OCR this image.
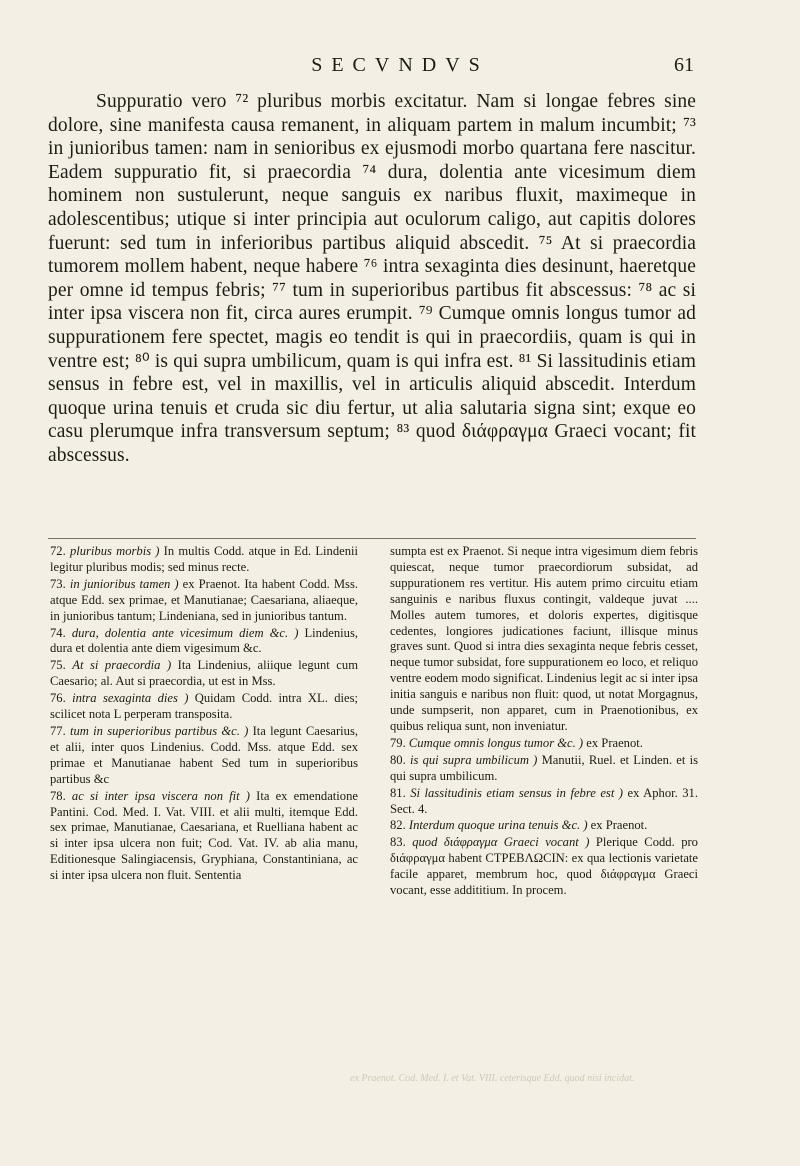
SECVNDVS	61

Suppuratio vero ⁷² pluribus morbis excitatur. Nam si longae febres sine dolore, sine manifesta causa remanent, in aliquam partem in malum incumbit; ⁷³ in junioribus tamen: nam in senioribus ex ejusmodi morbo quartana fere nascitur. Eadem suppuratio fit, si praecordia ⁷⁴ dura, dolentia ante vicesimum diem hominem non sustulerunt, neque sanguis ex naribus fluxit, maximeque in adolescentibus; utique si inter principia aut oculorum caligo, aut capitis dolores fuerunt: sed tum in inferioribus partibus aliquid abscedit. ⁷⁵ At si praecordia tumorem mollem habent, neque habere ⁷⁶ intra sexaginta dies desinunt, haeretque per omne id tempus febris; ⁷⁷ tum in superioribus partibus fit abscessus: ⁷⁸ ac si inter ipsa viscera non fit, circa aures erumpit. ⁷⁹ Cumque omnis longus tumor ad suppurationem fere spectet, magis eo tendit is qui in praecordiis, quam is qui in ventre est; ⁸⁰ is qui supra umbilicum, quam is qui infra est. ⁸¹ Si lassitudinis etiam sensus in febre est, vel in maxillis, vel in articulis aliquid abscedit. Interdum quoque urina tenuis et cruda sic diu fertur, ut alia salutaria signa sint; exque eo casu plerumque infra transversum septum; ⁸³ quod διάφραγμα Graeci vocant; fit abscessus.

72. pluribus morbis ) In multis Codd. atque in Ed. Lindenii legitur pluribus modis; sed minus recte.

73. in junioribus tamen ) ex Praenot. Ita habent Codd. Mss. atque Edd. sex primae, et Manutianae; Caesariana, aliaeque, in junioribus tantum; Lindeniana, sed in junioribus tantum.

74. dura, dolentia ante vicesimum diem &c. ) Lindenius, dura et dolentia ante diem vigesimum &c.

75. At si praecordia ) Ita Lindenius, aliique legunt cum Caesario; al. Aut si praecordia, ut est in Mss.

76. intra sexaginta dies ) Quidam Codd. intra XL. dies; scilicet nota L perperam transposita.

77. tum in superioribus partibus &c. ) Ita legunt Caesarius, et alii, inter quos Lindenius. Codd. Mss. atque Edd. sex primae et Manutianae habent Sed tum in superioribus partibus &c

78. ac si inter ipsa viscera non fit ) Ita ex emendatione Pantini. Cod. Med. I. Vat. VIII. et alii multi, itemque Edd. sex primae, Manutianae, Caesariana, et Ruelliana habent ac si inter ipsa ulcera non fuit; Cod. Vat. IV. ab alia manu, Editionesque Salingiacensis, Gryphiana, Constantiniana, ac si inter ipsa ulcera non fluit. Sententia

sumpta est ex Praenot. Si neque intra vigesimum diem febris quiescat, neque tumor praecordiorum subsidat, ad suppurationem res vertitur. His autem primo circuitu etiam sanguinis e naribus fluxus contingit, valdeque juvat .... Molles autem tumores, et doloris expertes, digitisque cedentes, longiores judicationes faciunt, illisque minus graves sunt. Quod si intra dies sexaginta neque febris cesset, neque tumor subsidat, fore suppurationem eo loco, et reliquo ventre eodem modo significat. Lindenius legit ac si inter ipsa initia sanguis e naribus non fluit: quod, ut notat Morgagnus, unde sumpserit, non apparet, cum in Praenotionibus, ex quibus reliqua sunt, non inveniatur.

79. Cumque omnis longus tumor &c. ) ex Praenot.

80. is qui supra umbilicum ) Manutii, Ruel. et Linden. et is qui supra umbilicum.

81. Si lassitudinis etiam sensus in febre est ) ex Aphor. 31. Sect. 4.

82. Interdum quoque urina tenuis &c. ) ex Praenot.

83. quod διάφραγμα Graeci vocant ) Plerique Codd. pro διάφραγμα habent CTPEBΛΩCIN: ex qua lectionis varietate facile apparet, membrum hoc, quod διάφραγμα Graeci vocant, esse addititium. In procem.

ex Praenot. Cod. Med. I. et Vat. VIII. ceterisque Edd. quod nisi incidat.
